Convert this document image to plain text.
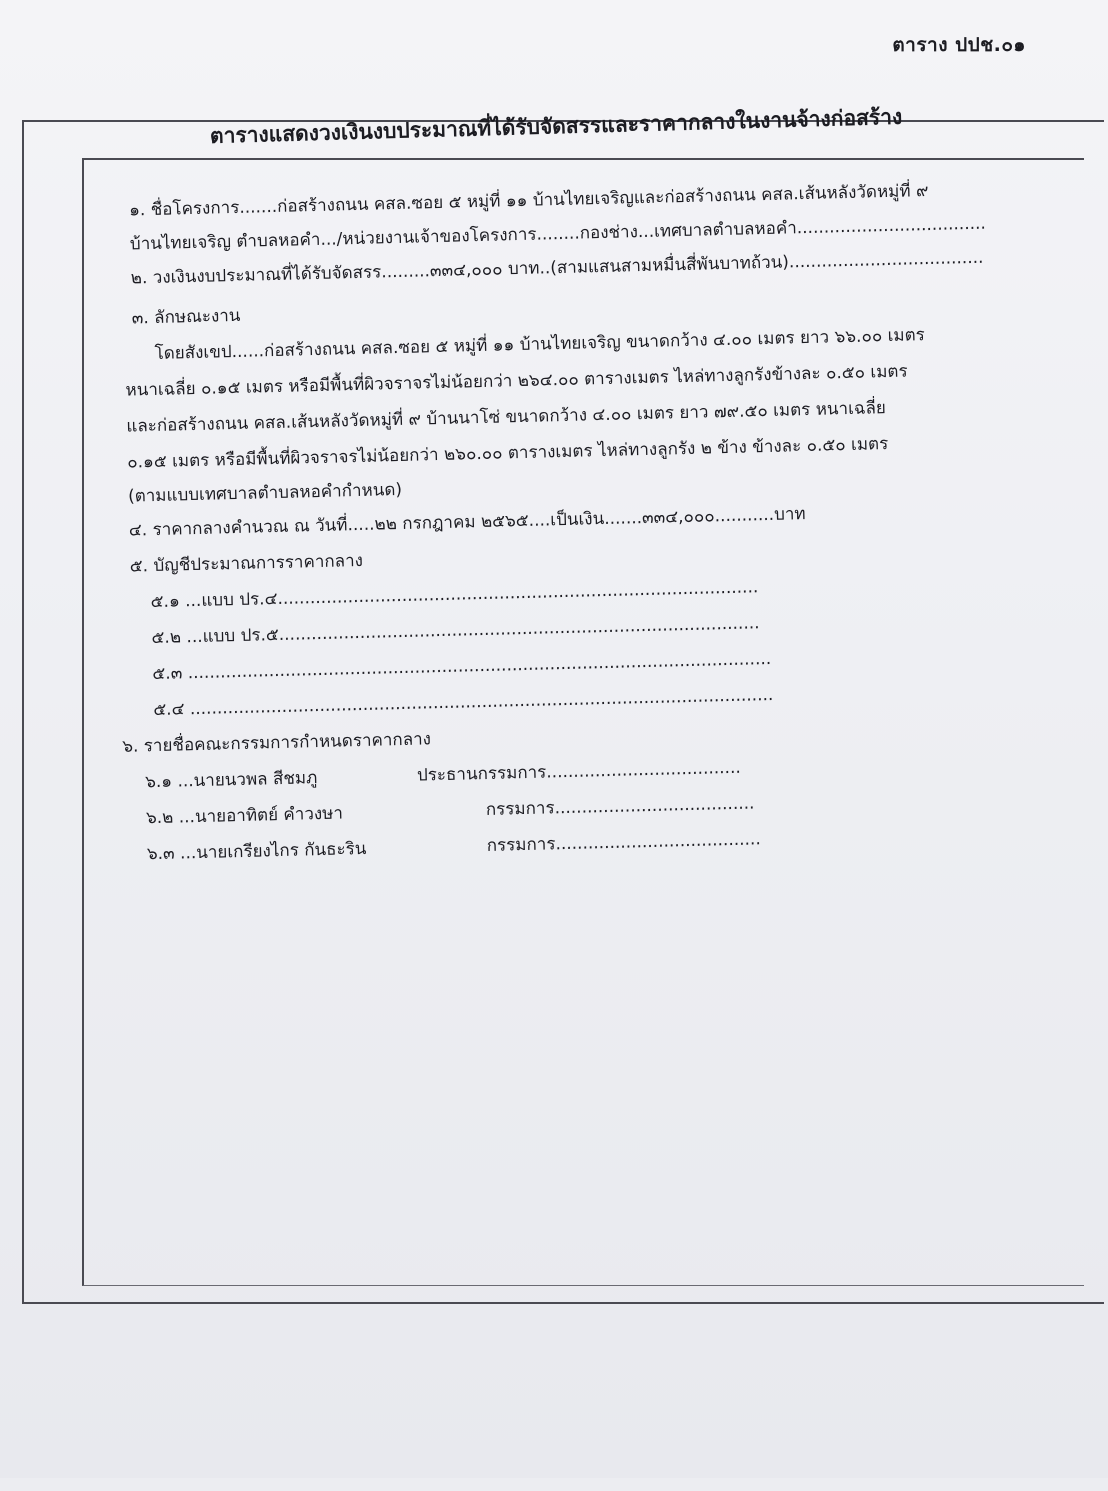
ตาราง ปปช.๐๑
ตารางแสดงวงเงินงบประมาณที่ได้รับจัดสรรและราคากลางในงานจ้างก่อสร้าง
๑. ชื่อโครงการ.......ก่อสร้างถนน คสล.ซอย ๕ หมู่ที่ ๑๑ บ้านไทยเจริญและก่อสร้างถนน คสล.เส้นหลังวัดหมู่ที่ ๙
บ้านไทยเจริญ ตำบลหอคำ.../หน่วยงานเจ้าของโครงการ........กองช่าง...เทศบาลตำบลหอคำ...................................
๒. วงเงินงบประมาณที่ได้รับจัดสรร.........๓๓๔,๐๐๐ บาท..(สามแสนสามหมื่นสี่พันบาทถ้วน)....................................
๓. ลักษณะงาน
โดยสังเขป......ก่อสร้างถนน คสล.ซอย ๕ หมู่ที่ ๑๑ บ้านไทยเจริญ ขนาดกว้าง ๔.๐๐ เมตร ยาว ๖๖.๐๐ เมตร
หนาเฉลี่ย ๐.๑๕ เมตร หรือมีพื้นที่ผิวจราจรไม่น้อยกว่า ๒๖๔.๐๐ ตารางเมตร ไหล่ทางลูกรังข้างละ ๐.๕๐ เมตร
และก่อสร้างถนน คสล.เส้นหลังวัดหมู่ที่ ๙ บ้านนาโซ่ ขนาดกว้าง ๔.๐๐ เมตร ยาว ๗๙.๕๐ เมตร หนาเฉลี่ย
๐.๑๕ เมตร หรือมีพื้นที่ผิวจราจรไม่น้อยกว่า ๒๖๐.๐๐ ตารางเมตร ไหล่ทางลูกรัง ๒ ข้าง ข้างละ ๐.๕๐ เมตร
(ตามแบบเทศบาลตำบลหอคำกำหนด)
๔. ราคากลางคำนวณ ณ วันที่.....๒๒ กรกฎาคม ๒๕๖๕....เป็นเงิน.......๓๓๔,๐๐๐...........บาท
๕. บัญชีประมาณการราคากลาง
๕.๑ ...แบบ ปร.๔.........................................................................................
๕.๒ ...แบบ ปร.๕.........................................................................................
๕.๓ ............................................................................................................
๕.๔ ............................................................................................................
๖. รายชื่อคณะกรรมการกำหนดราคากลาง
๖.๑ ...นายนวพล สีชมภู	ประธานกรรมการ....................................
๖.๒ ...นายอาทิตย์ คำวงษา	กรรมการ.....................................
๖.๓ ...นายเกรียงไกร กันธะริน	กรรมการ......................................
